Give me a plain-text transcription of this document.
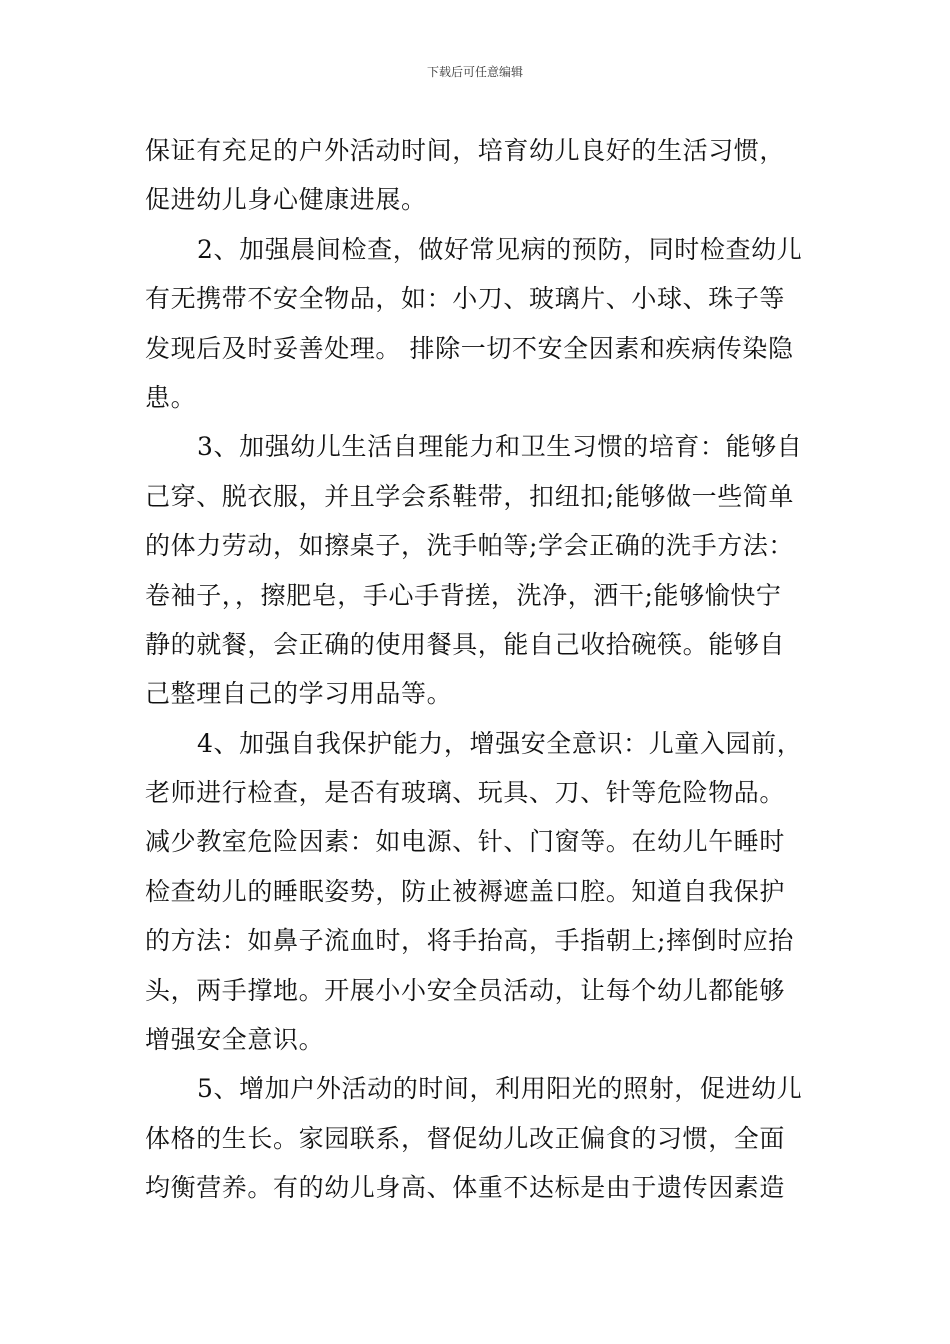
下载后可任意编辑
保证有充足的户外活动时间，培育幼儿良好的生活习惯，
促进幼儿身心健康进展。
2、加强晨间检查，做好常见病的预防，同时检查幼儿
有无携带不安全物品，如：小刀、玻璃片、小球、珠子等
发现后及时妥善处理。 排除一切不安全因素和疾病传染隐
患。
3、加强幼儿生活自理能力和卫生习惯的培育：能够自
己穿、脱衣服，并且学会系鞋带，扣纽扣;能够做一些简单
的体力劳动，如擦桌子，洗手帕等;学会正确的洗手方法：
卷袖子，，擦肥皂，手心手背搓，洗净，洒干;能够愉快宁
静的就餐，会正确的使用餐具，能自己收拾碗筷。能够自
己整理自己的学习用品等。
4、加强自我保护能力，增强安全意识：儿童入园前，
老师进行检查，是否有玻璃、玩具、刀、针等危险物品。
减少教室危险因素：如电源、针、门窗等。在幼儿午睡时
检查幼儿的睡眠姿势，防止被褥遮盖口腔。知道自我保护
的方法：如鼻子流血时，将手抬高，手指朝上;摔倒时应抬
头，两手撑地。开展小小安全员活动，让每个幼儿都能够
增强安全意识。
5、增加户外活动的时间，利用阳光的照射，促进幼儿
体格的生长。家园联系，督促幼儿改正偏食的习惯，全面
均衡营养。有的幼儿身高、体重不达标是由于遗传因素造
